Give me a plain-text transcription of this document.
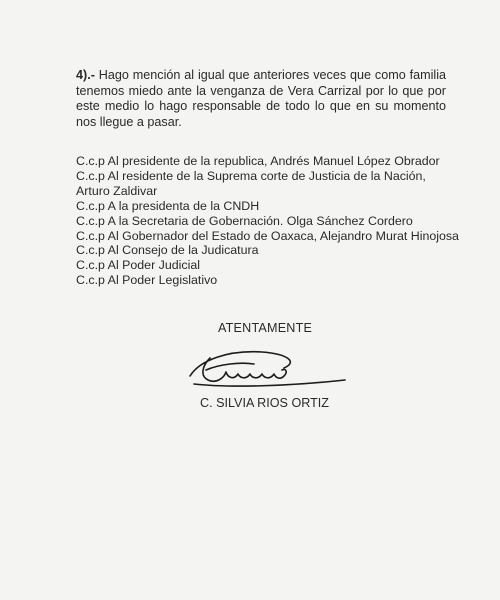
4).- Hago mención al igual que anteriores veces que como familia tenemos miedo ante la venganza de Vera Carrizal por lo que por este medio lo hago responsable de todo lo que en su momento nos llegue a pasar.

C.c.p Al presidente de la republica, Andrés Manuel López Obrador
C.c.p Al residente de la Suprema corte de Justicia de la Nación, Arturo Zaldivar
C.c.p A la presidenta de la CNDH
C.c.p A la Secretaria de Gobernación. Olga Sánchez Cordero
C.c.p Al Gobernador del Estado de Oaxaca, Alejandro Murat Hinojosa
C.c.p Al Consejo de la Judicatura
C.c.p Al Poder Judicial
C.c.p Al Poder Legislativo
ATENTAMENTE
C. SILVIA RIOS ORTIZ
